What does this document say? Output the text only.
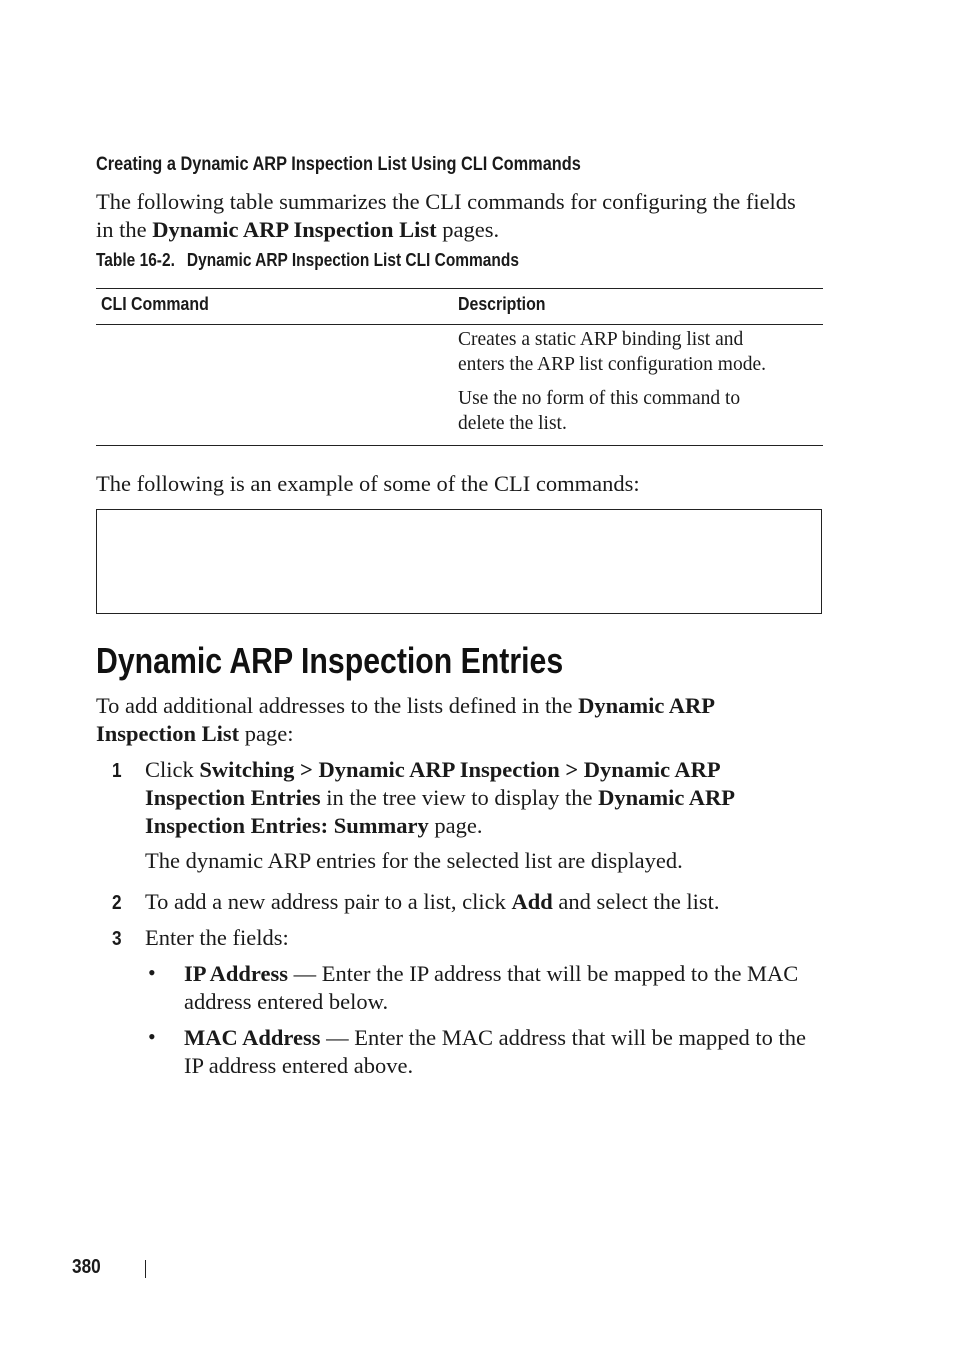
Creating a Dynamic ARP Inspection List Using CLI Commands
The following table summarizes the CLI commands for configuring the fields
in the Dynamic ARP Inspection List pages.
Table 16-2. Dynamic ARP Inspection List CLI Commands
CLI Command	Description
Creates a static ARP binding list and
enters the ARP list configuration mode.
Use the no form of this command to
delete the list.
The following is an example of some of the CLI commands:
Dynamic ARP Inspection Entries
To add additional addresses to the lists defined in the Dynamic ARP
Inspection List page:
1 Click Switching > Dynamic ARP Inspection > Dynamic ARP
Inspection Entries in the tree view to display the Dynamic ARP
Inspection Entries: Summary page.
The dynamic ARP entries for the selected list are displayed.
2 To add a new address pair to a list, click Add and select the list.
3 Enter the fields:
• IP Address — Enter the IP address that will be mapped to the MAC
address entered below.
• MAC Address — Enter the MAC address that will be mapped to the
IP address entered above.
380
